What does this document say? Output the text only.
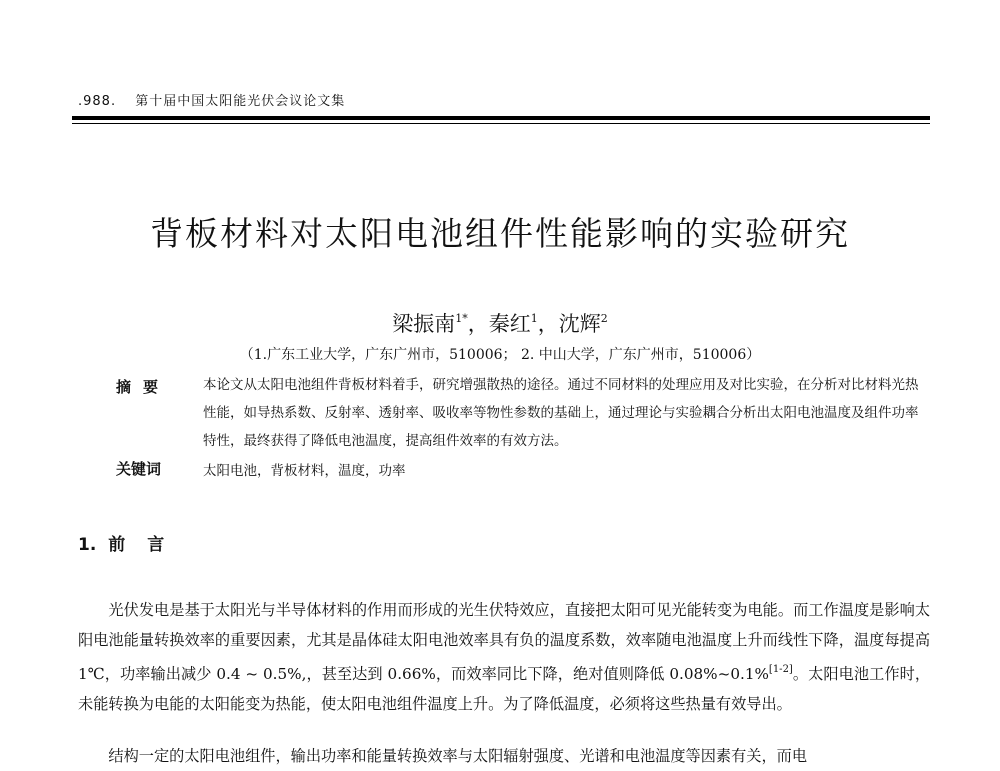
.988. 第十届中国太阳能光伏会议论文集
背板材料对太阳电池组件性能影响的实验研究
梁振南$^{1*}$，秦红$^1$，沈辉$^2$
（1.广东工业大学，广东广州市，510006； 2. 中山大学，广东广州市，510006）
摘要 本论文从太阳电池组件背板材料着手，研究增强散热的途径。通过不同材料的处理应用及对比实验，在分析对比材料光热性能，如导热系数、反射率、透射率、吸收率等物性参数的基础上，通过理论与实验耦合分析出太阳电池温度及组件功率特性，最终获得了降低电池温度，提高组件效率的有效方法。
关键词	太阳电池，背板材料，温度，功率
1. 前言
光伏发电是基于太阳光与半导体材料的作用而形成的光生伏特效应，直接把太阳可见光能转变为电能。而工作温度是影响太阳电池能量转换效率的重要因素，尤其是晶体硅太阳电池效率具有负的温度系数，效率随电池温度上升而线性下降，温度每提高 1℃，功率输出减少 0.4 ~ 0.5%,，甚至达到 0.66%，而效率同比下降，绝对值则降低 0.08%~0.1%[1-2]。太阳电池工作时，未能转换为电能的太阳能变为热能，使太阳电池组件温度上升。为了降低温度，必须将这些热量有效导出。
结构一定的太阳电池组件，输出功率和能量转换效率与太阳辐射强度、光谱和电池温度等因素有关，而电
